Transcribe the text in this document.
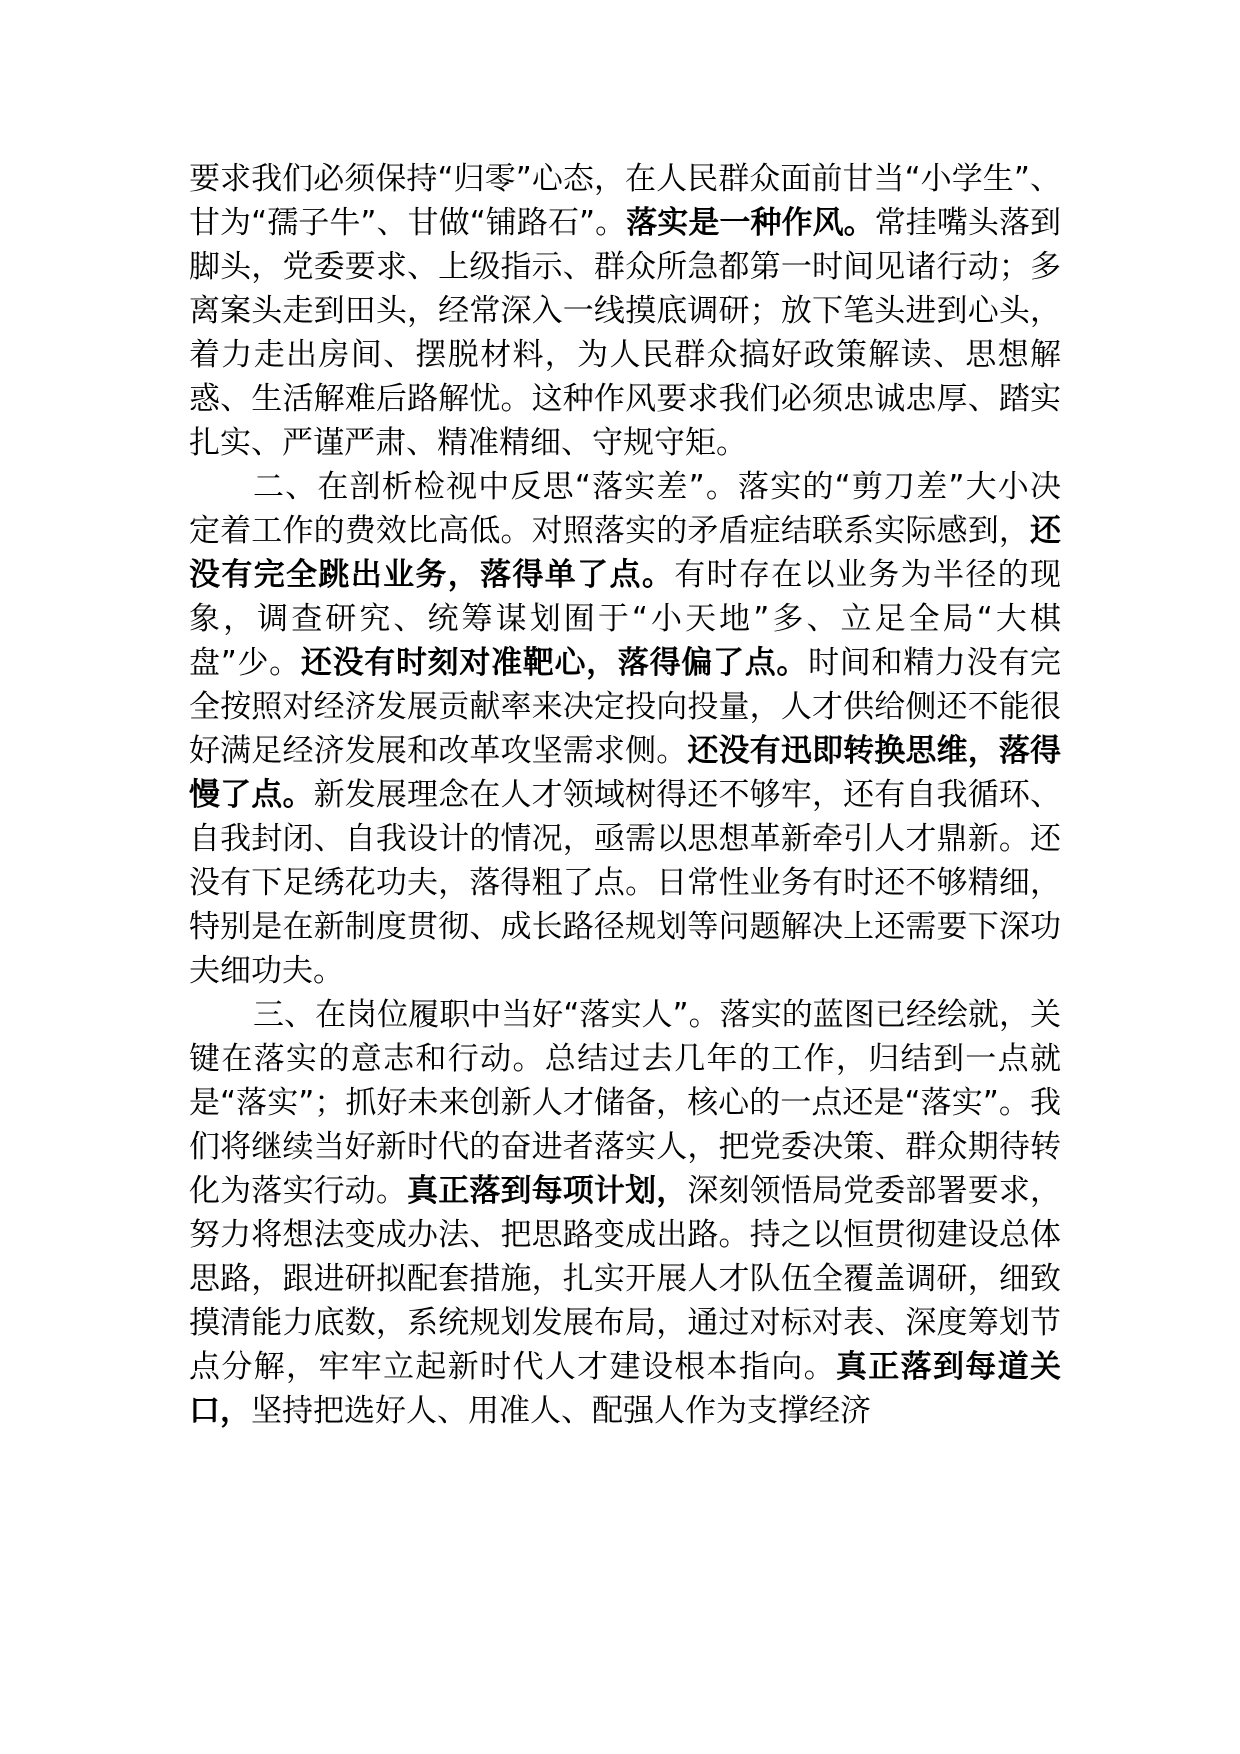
要求我们必须保持“归零”心态，在人民群众面前甘当“小学生”、甘为“孺子牛”、甘做“铺路石”。落实是一种作风。常挂嘴头落到脚头，党委要求、上级指示、群众所急都第一时间见诸行动；多离案头走到田头，经常深入一线摸底调研；放下笔头进到心头，着力走出房间、摆脱材料，为人民群众搞好政策解读、思想解惑、生活解难后路解忧。这种作风要求我们必须忠诚忠厚、踏实扎实、严谨严肃、精准精细、守规守矩。

二、在剖析检视中反思“落实差”。落实的“剪刀差”大小决定着工作的费效比高低。对照落实的矛盾症结联系实际感到，还没有完全跳出业务，落得单了点。有时存在以业务为半径的现象，调查研究、统筹谋划囿于“小天地”多、立足全局“大棋盘”少。还没有时刻对准靶心，落得偏了点。时间和精力没有完全按照对经济发展贡献率来决定投向投量，人才供给侧还不能很好满足经济发展和改革攻坚需求侧。还没有迅即转换思维，落得慢了点。新发展理念在人才领域树得还不够牢，还有自我循环、自我封闭、自我设计的情况，亟需以思想革新牵引人才鼎新。还没有下足绣花功夫，落得粗了点。日常性业务有时还不够精细，特别是在新制度贯彻、成长路径规划等问题解决上还需要下深功夫细功夫。

三、在岗位履职中当好“落实人”。落实的蓝图已经绘就，关键在落实的意志和行动。总结过去几年的工作，归结到一点就是“落实”；抓好未来创新人才储备，核心的一点还是“落实”。我们将继续当好新时代的奋进者落实人，把党委决策、群众期待转化为落实行动。真正落到每项计划，深刻领悟局党委部署要求，努力将想法变成办法、把思路变成出路。持之以恒贯彻建设总体思路，跟进研拟配套措施，扎实开展人才队伍全覆盖调研，细致摸清能力底数，系统规划发展布局，通过对标对表、深度筹划节点分解，牢牢立起新时代人才建设根本指向。真正落到每道关口，坚持把选好人、用准人、配强人作为支撑经济
